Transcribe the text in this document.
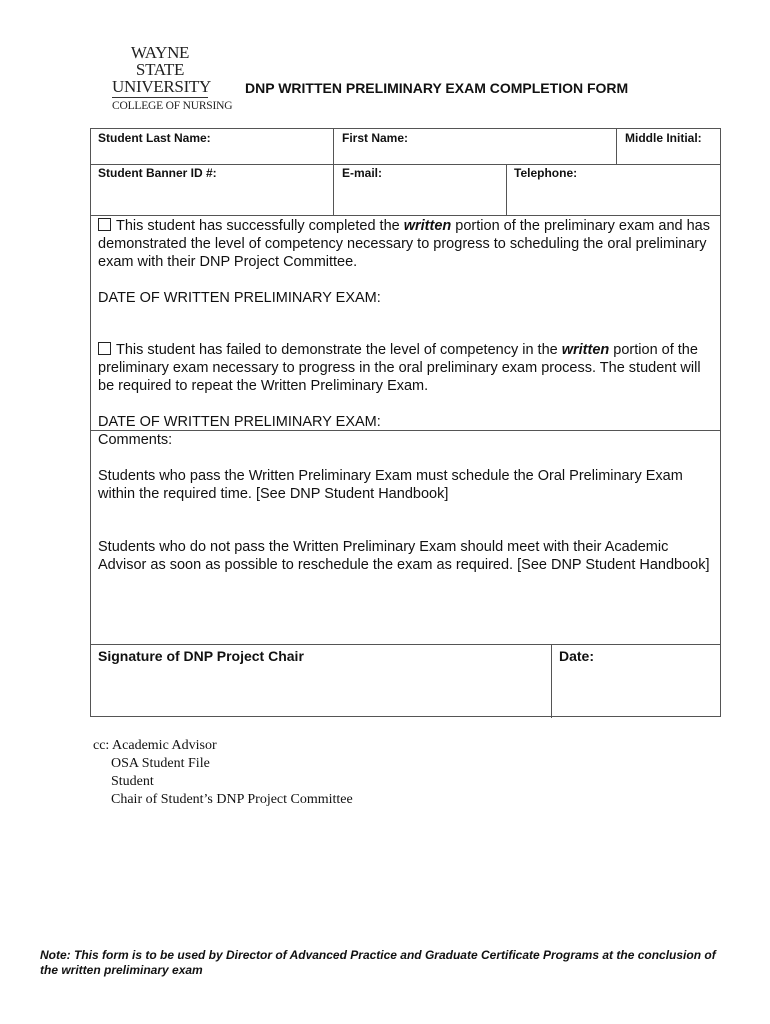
WAYNE STATE
UNIVERSITY
COLLEGE OF NURSING
DNP WRITTEN PRELIMINARY EXAM COMPLETION FORM
Student Last Name:	First Name:	Middle Initial:
Student Banner ID #:	E-mail:	Telephone:
This student has successfully completed the written portion of the preliminary exam and has demonstrated the level of competency necessary to progress to scheduling the oral preliminary exam with their DNP Project Committee.
DATE OF WRITTEN PRELIMINARY EXAM:
This student has failed to demonstrate the level of competency in the written portion of the preliminary exam necessary to progress in the oral preliminary exam process. The student will be required to repeat the Written Preliminary Exam.
DATE OF WRITTEN PRELIMINARY EXAM:
Comments:
Students who pass the Written Preliminary Exam must schedule the Oral Preliminary Exam within the required time. [See DNP Student Handbook]
Students who do not pass the Written Preliminary Exam should meet with their Academic Advisor as soon as possible to reschedule the exam as required. [See DNP Student Handbook]
Signature of DNP Project Chair	Date:
cc: Academic Advisor
OSA Student File
Student
Chair of Student’s DNP Project Committee
Note: This form is to be used by Director of Advanced Practice and Graduate Certificate Programs at the conclusion of the written preliminary exam
